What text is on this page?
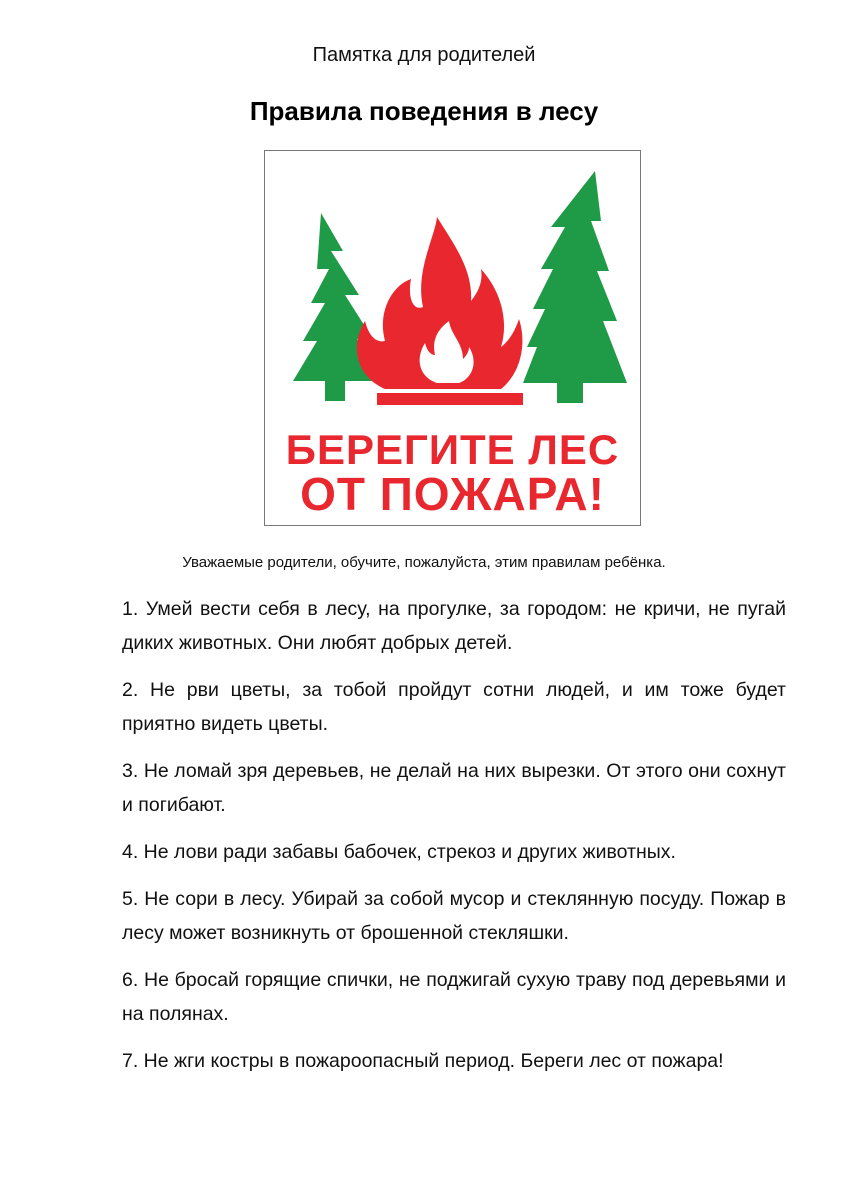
Памятка для родителей
Правила поведения в лесу
БЕРЕГИТЕ ЛЕС
ОТ ПОЖАРА!
Уважаемые родители, обучите, пожалуйста, этим правилам ребёнка.
1. Умей вести себя в лесу, на прогулке, за городом: не кричи, не пугай диких животных. Они любят добрых детей.
2. Не рви цветы, за тобой пройдут сотни людей, и им тоже будет приятно видеть цветы.
3. Не ломай зря деревьев, не делай на них вырезки. От этого они сохнут и погибают.
4. Не лови ради забавы бабочек, стрекоз и других животных.
5. Не сори в лесу. Убирай за собой мусор и стеклянную посуду. Пожар в лесу может возникнуть от брошенной стекляшки.
6. Не бросай горящие спички, не поджигай сухую траву под деревьями и на полянах.
7. Не жги костры в пожароопасный период. Береги лес от пожара!
